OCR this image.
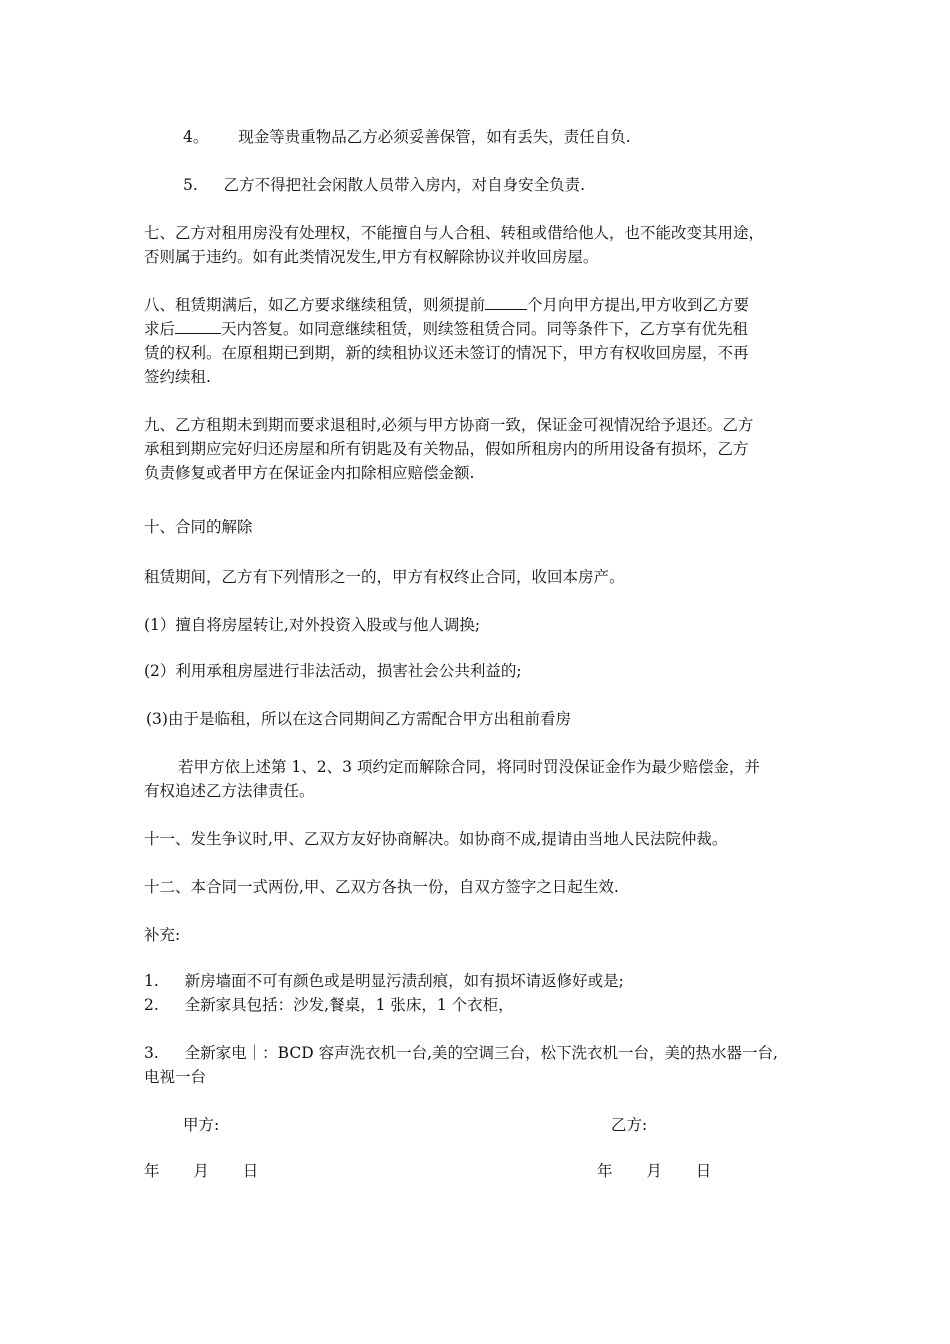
4。 现金等贵重物品乙方必须妥善保管，如有丢失，责任自负.
5. 乙方不得把社会闲散人员带入房内，对自身安全负责.
七、乙方对租用房没有处理权，不能擅自与人合租、转租或借给他人，也不能改变其用途，
否则属于违约。如有此类情况发生,甲方有权解除协议并收回房屋。
八、租赁期满后，如乙方要求继续租赁，则须提前	个月向甲方提出,甲方收到乙方要
求后	天内答复。如同意继续租赁，则续签租赁合同。同等条件下，乙方享有优先租
赁的权利。在原租期已到期，新的续租协议还未签订的情况下，甲方有权收回房屋，不再
签约续租.
九、乙方租期未到期而要求退租时,必须与甲方协商一致，保证金可视情况给予退还。乙方
承租到期应完好归还房屋和所有钥匙及有关物品，假如所租房内的所用设备有损坏，乙方
负责修复或者甲方在保证金内扣除相应赔偿金额.
十、合同的解除
租赁期间，乙方有下列情形之一的，甲方有权终止合同，收回本房产。
(1）擅自将房屋转让,对外投资入股或与他人调换;
(2）利用承租房屋进行非法活动，损害社会公共利益的;
(3)由于是临租，所以在这合同期间乙方需配合甲方出租前看房
若甲方依上述第 1、2、3 项约定而解除合同，将同时罚没保证金作为最少赔偿金，并
有权追述乙方法律责任。
十一、发生争议时,甲、乙双方友好协商解决。如协商不成,提请由当地人民法院仲裁。
十二、本合同一式两份,甲、乙双方各执一份，自双方签字之日起生效.
补充:
1. 新房墙面不可有颜色或是明显污渍刮痕，如有损坏请返修好或是;
2. 全新家具包括：沙发,餐桌，1 张床，1 个衣柜，
3. 全新家电｜：BCD 容声洗衣机一台,美的空调三台，松下洗衣机一台，美的热水器一台,
电视一台
甲方:	乙方:
年 月 日	年 月 日
